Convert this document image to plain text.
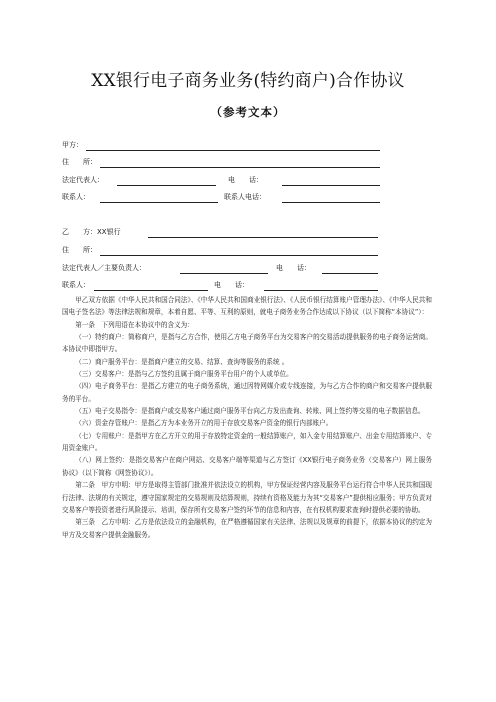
XX银行电子商务业务(特约商户)合作协议
（参考文本）
甲方：
住　　所：
法定代表人：	电　　话：
联系人：	联系人电话：
乙　　方：XX银行
住　　所：
法定代表人／主要负责人：	电　　话：
联系人：	电　　话：

甲乙双方依据《中华人民共和国合同法》、《中华人民共和国商业银行法》、《人民币银行结算账户管理办法》、《中华人民共和国电子签名法》等法律法规和规章，本着自愿、平等、互利的原则，就电子商务业务合作达成以下协议（以下简称“本协议”）：

第一条　下列用语在本协议中的含义为：

（一）特约商户：简称商户，是指与乙方合作，使用乙方电子商务平台为交易客户的交易活动提供服务的电子商务运营商。本协议中即指甲方。

（二）商户服务平台：是指商户建立的交易、结算、查询等服务的系统 。

（三）交易客户：是指与乙方签约且属于商户服务平台用户的个人或单位。

（四）电子商务平台：是指乙方建立的电子商务系统，通过因特网媒介或专线连接，为与乙方合作的商户和交易客户提供服务的平台。

（五）电子交易指令：是指商户或交易客户通过商户服务平台向乙方发出查询、转账、网上签约等交易的电子数据信息。

（六）资金存管账户：是指乙方为本业务开立的用于存放交易客户资金的银行内部账户。

（七）专用账户：是指甲方在乙方开立的用于存放特定资金的一般结算账户，如入金专用结算账户、出金专用结算账户、专用资金账户。

（八）网上签约：是指交易客户在商户网站、交易客户端等渠道与乙方签订《XX银行电子商务业务（交易客户）网上服务协议》（以下简称《网签协议》）。

第二条　甲方申明：甲方是取得主管部门批准并依法设立的机构，甲方保证经营内容及服务平台运行符合中华人民共和国现行法律、法规的有关规定，遵守国家规定的交易规则及结算规则，持续有资格及能力为其“交易客户”提供相应服务；甲方负责对交易客户等投资者进行风险提示、培训，保存所有交易客户签约环节的信息和内容，在有权机构要求查询时提供必要的协助。

第三条　乙方申明：乙方是依法设立的金融机构，在严格遵循国家有关法律、法规以及规章的前提下，依据本协议的约定为甲方及交易客户提供金融服务。
